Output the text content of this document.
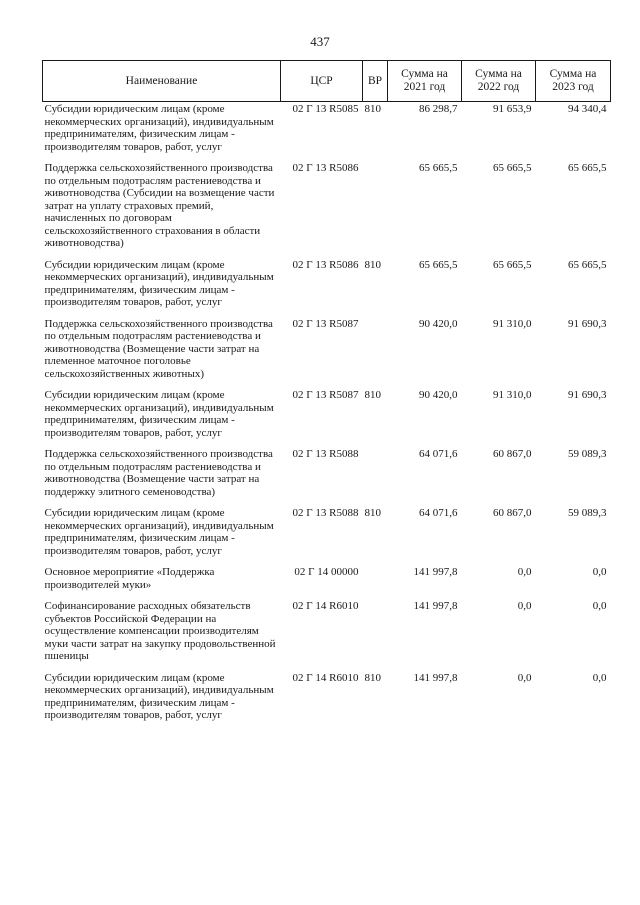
437
Наименование	ЦСР	ВР	Сумма на 2021 год	Сумма на 2022 год	Сумма на 2023 год
Субсидии юридическим лицам (кроме некоммерческих организаций), индивидуальным предпринимателям, физическим лицам - производителям товаров, работ, услуг	02 Г 13 R5085	810	86 298,7	91 653,9	94 340,4

Поддержка сельскохозяйственного производства по отдельным подотраслям растениеводства и животноводства (Субсидии на возмещение части затрат на уплату страховых премий, начисленных по договорам сельскохозяйственного страхования в области животноводства)	02 Г 13 R5086		65 665,5	65 665,5	65 665,5

Субсидии юридическим лицам (кроме некоммерческих организаций), индивидуальным предпринимателям, физическим лицам - производителям товаров, работ, услуг	02 Г 13 R5086	810	65 665,5	65 665,5	65 665,5

Поддержка сельскохозяйственного производства по отдельным подотраслям растениеводства и животноводства (Возмещение части затрат на племенное маточное поголовье сельскохозяйственных животных)	02 Г 13 R5087		90 420,0	91 310,0	91 690,3

Субсидии юридическим лицам (кроме некоммерческих организаций), индивидуальным предпринимателям, физическим лицам - производителям товаров, работ, услуг	02 Г 13 R5087	810	90 420,0	91 310,0	91 690,3

Поддержка сельскохозяйственного производства по отдельным подотраслям растениеводства и животноводства (Возмещение части затрат на поддержку элитного семеноводства)	02 Г 13 R5088		64 071,6	60 867,0	59 089,3

Субсидии юридическим лицам (кроме некоммерческих организаций), индивидуальным предпринимателям, физическим лицам - производителям товаров, работ, услуг	02 Г 13 R5088	810	64 071,6	60 867,0	59 089,3

Основное мероприятие «Поддержка производителей муки»	02 Г 14 00000		141 997,8	0,0	0,0

Софинансирование расходных обязательств субъектов Российской Федерации на осуществление компенсации производителям муки части затрат на закупку продовольственной пшеницы	02 Г 14 R6010		141 997,8	0,0	0,0

Субсидии юридическим лицам (кроме некоммерческих организаций), индивидуальным предпринимателям, физическим лицам - производителям товаров, работ, услуг	02 Г 14 R6010	810	141 997,8	0,0	0,0
